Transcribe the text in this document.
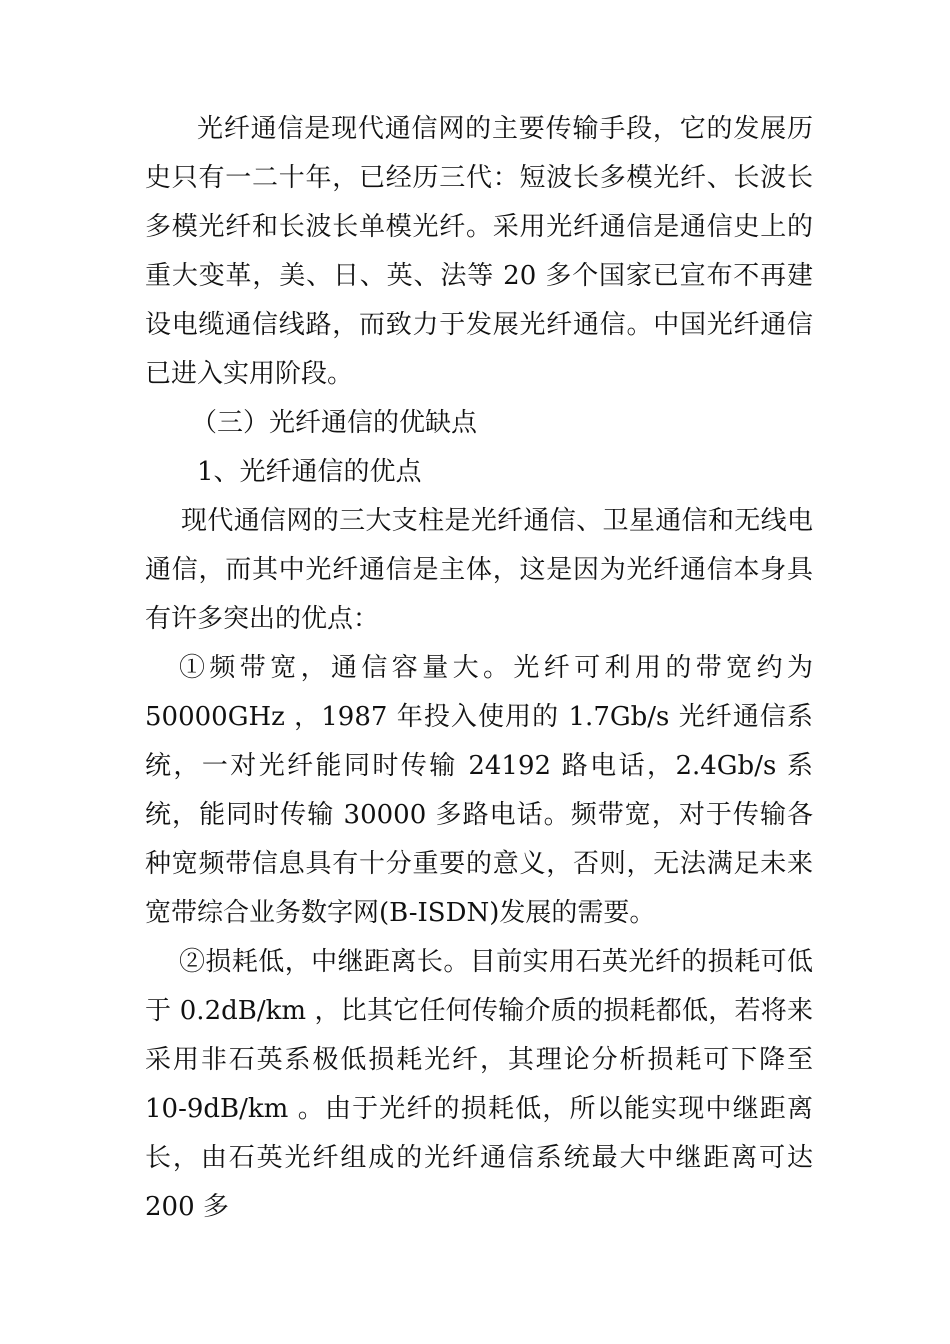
光纤通信是现代通信网的主要传输手段，它的发展历史只有一二十年，已经历三代：短波长多模光纤、长波长多模光纤和长波长单模光纤。采用光纤通信是通信史上的重大变革，美、日、英、法等 20 多个国家已宣布不再建设电缆通信线路，而致力于发展光纤通信。中国光纤通信已进入实用阶段。

（三）光纤通信的优缺点

1、光纤通信的优点

现代通信网的三大支柱是光纤通信、卫星通信和无线电通信，而其中光纤通信是主体，这是因为光纤通信本身具有许多突出的优点：

①频带宽，通信容量大。光纤可利用的带宽约为 50000GHz ，1987 年投入使用的 1.7Gb/s 光纤通信系统，一对光纤能同时传输 24192 路电话，2.4Gb/s 系统，能同时传输 30000 多路电话。频带宽，对于传输各种宽频带信息具有十分重要的意义，否则，无法满足未来宽带综合业务数字网(B-ISDN)发展的需要。

②损耗低，中继距离长。目前实用石英光纤的损耗可低于 0.2dB/km ，比其它任何传输介质的损耗都低，若将来采用非石英系极低损耗光纤，其理论分析损耗可下降至 10-9dB/km 。由于光纤的损耗低，所以能实现中继距离长，由石英光纤组成的光纤通信系统最大中继距离可达 200 多
